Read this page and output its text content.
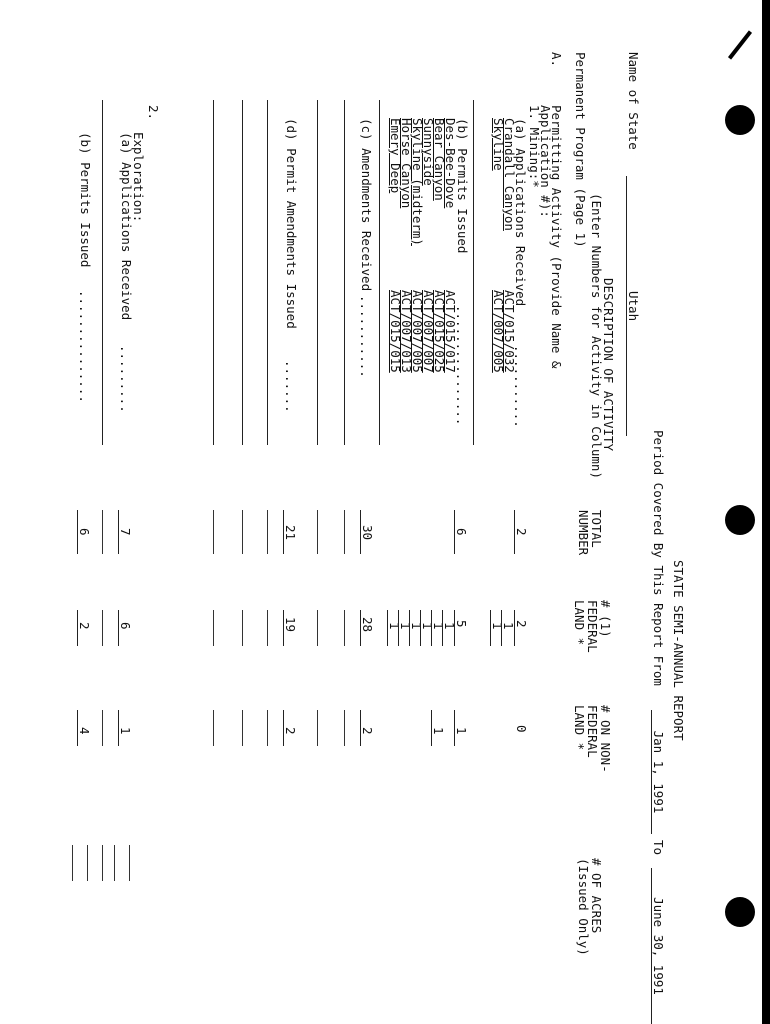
STATE SEMI-ANNUAL REPORT
Period Covered By This Report From
Jan 1, 1991
To
June 30, 1991
Name of State
Utah
DESCRIPTION OF ACTIVITY
(Enter Numbers for Activity in Column)
Permanent Program (Page 1)
TOTAL
NUMBER
# (1)
FEDERAL
LAND *
# ON NON-
FEDERAL
LAND *
# OF ACRES
(Issued Only)
A.
Permitting Activity (Provide Name &
Application #):
1. Mining:*
(a) Applications Received
...........
2
2
0
Crandall Canyon
ACT/015/032
1
Skyline
ACT/007/005
1
(b) Permits Issued
................
6
5
1
Des-Bee-Dove
ACT/015/017
1
Bear Canyon
ACT/015/025
1
1
Sunnyside
ACT/007/007
1
Skyline (midterm)
ACT/007/005
1
Horse Canyon
ACT/007/013
1
Emery Deep
ACT/015/015
1
(c) Amendments Received
...........
30
28
2
(d) Permit Amendments Issued
.......
21
19
2
2.
Exploration:
(a) Applications Received
.........
7
6
1
(b) Permits Issued
...............
6
2
4
